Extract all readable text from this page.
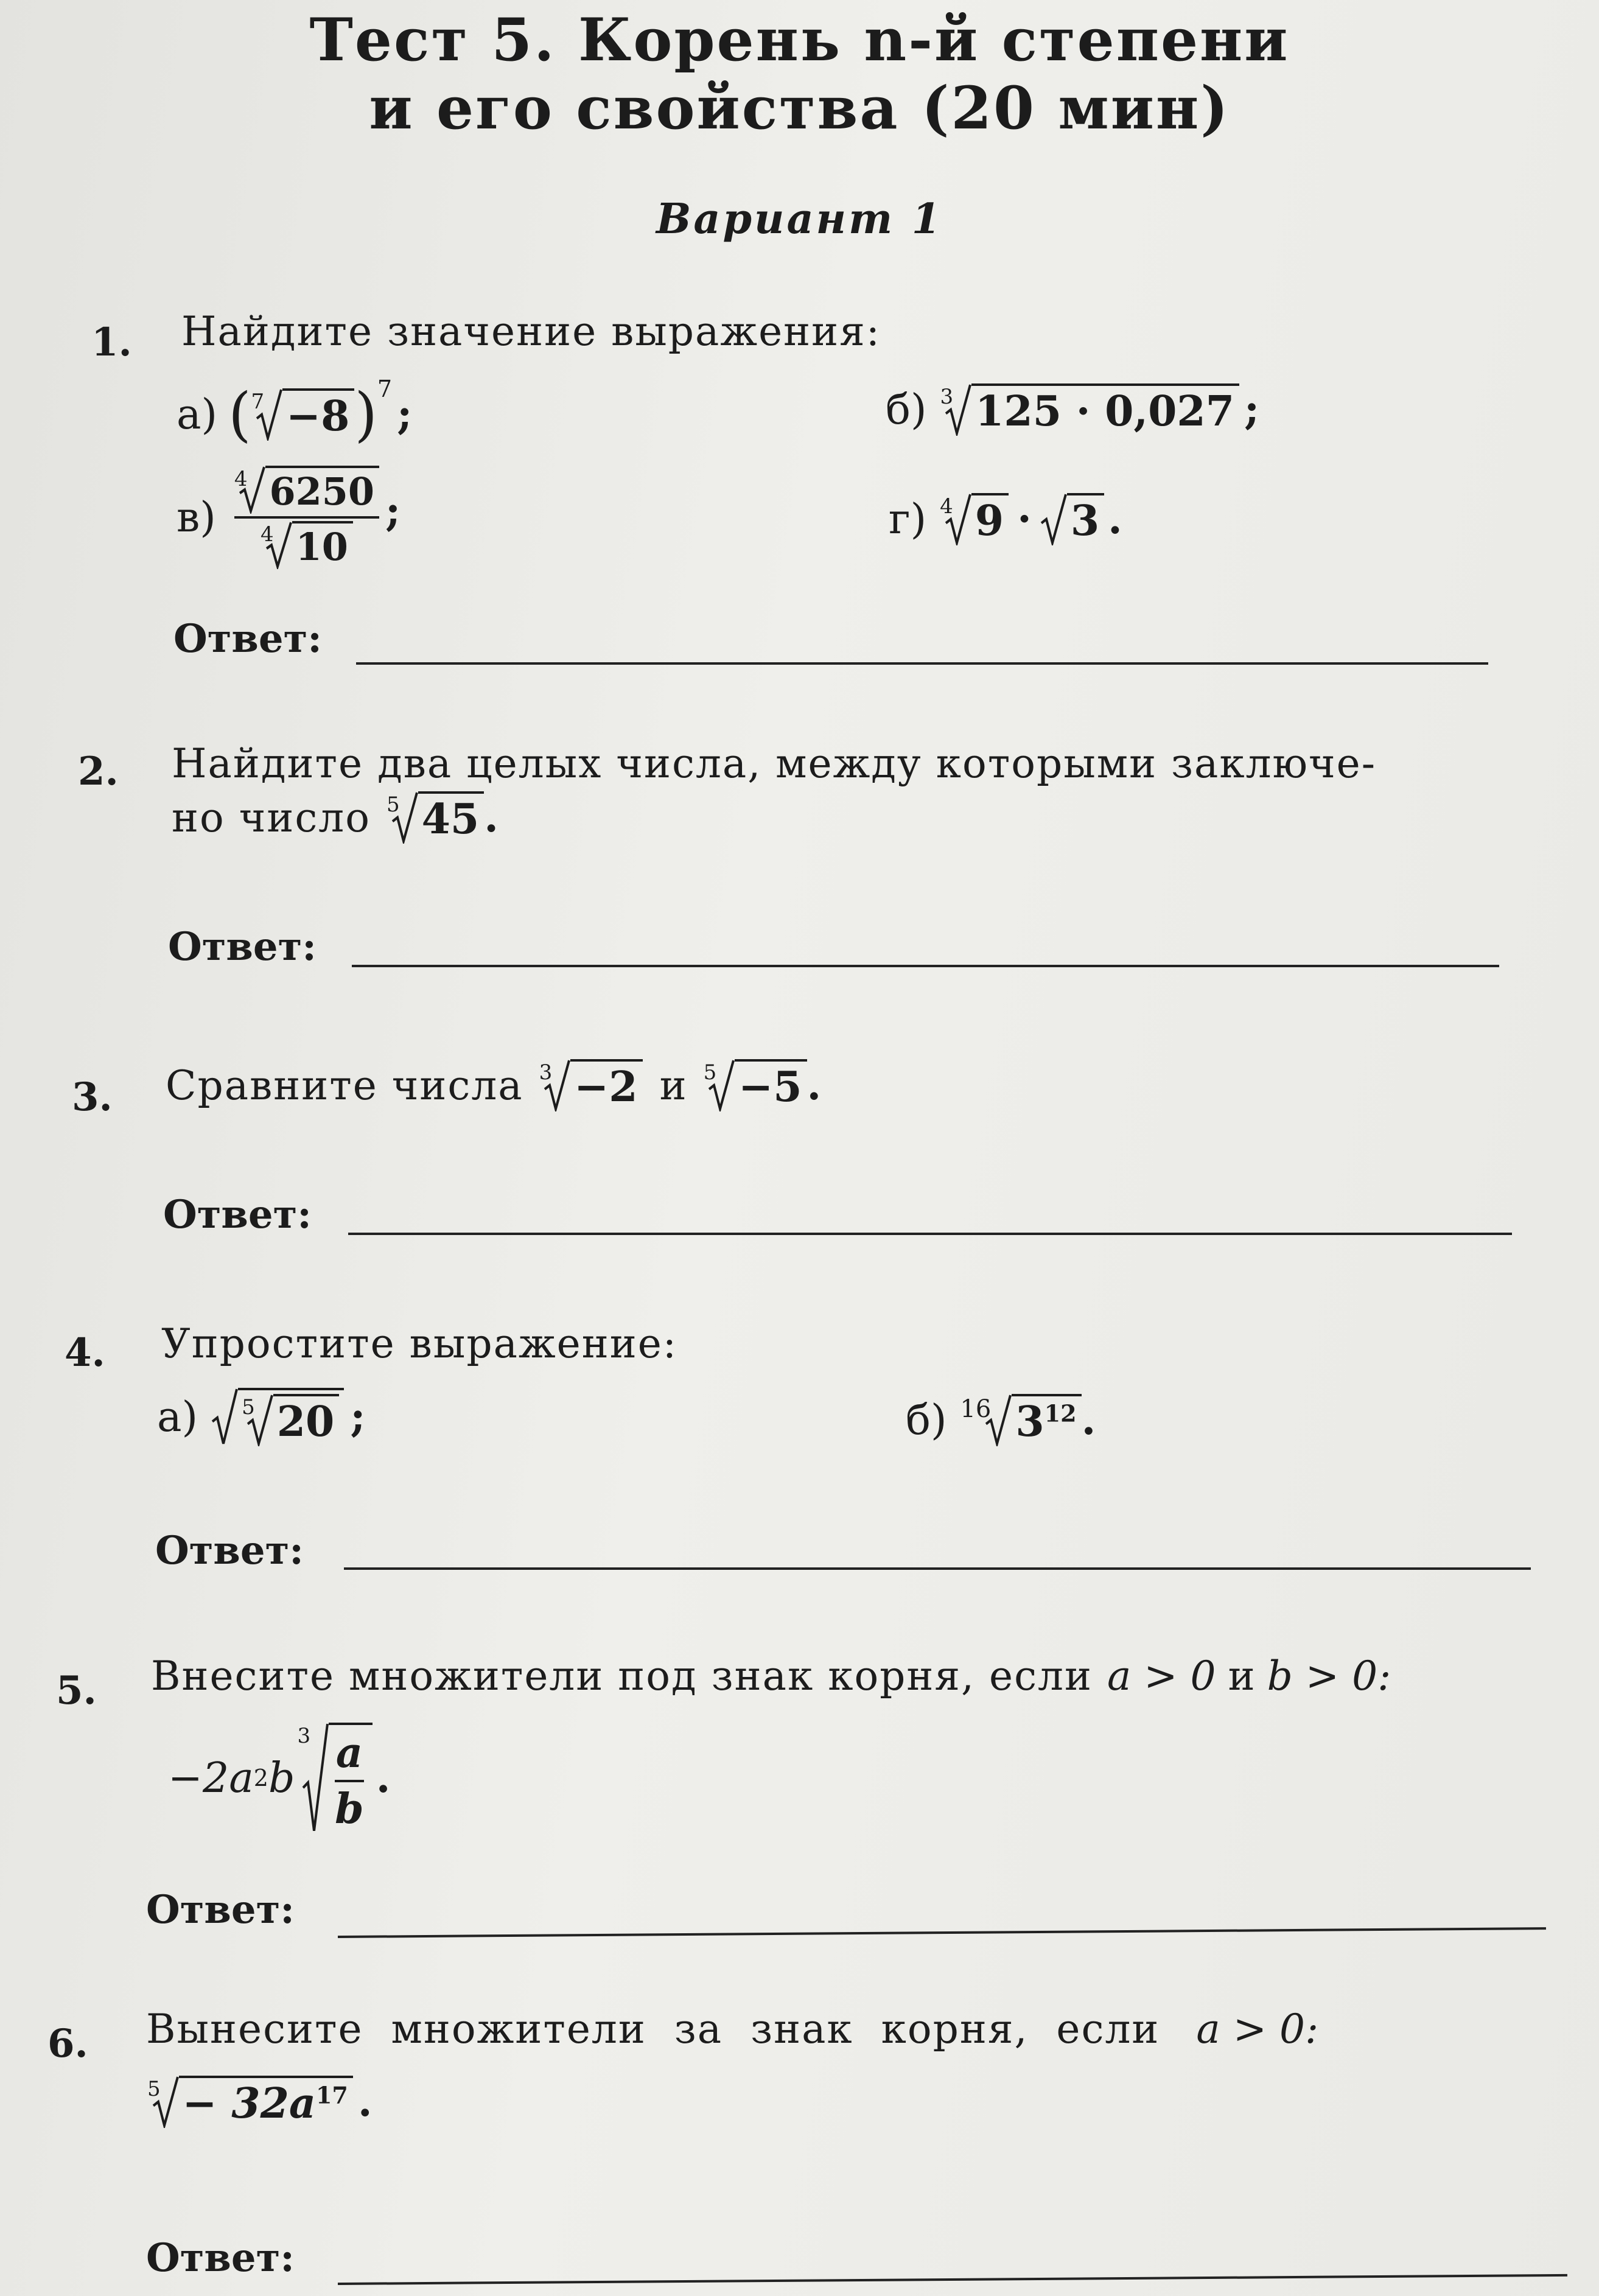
Тест 5. Корень n-й степени
и его свойства (20 мин)
Вариант 1
1. Найдите значение выражения:
а) ( 7 −8 ) 7
;	б) 3 125 · 0,027 ;
$в) \frac{4 6250}{4 10}$ ;	г) 4 9 · 3 .
Ответ:
2. Найдите два целых числа, между которыми заключе-
но число 5 45 .
Ответ:
3. Сравните числа 3 −2 и 5 −5 .
Ответ:
4. Упростите выражение:
а) 5 20 ;	б) 16 $3^{12}$ .
Ответ:
5. Внесите множители под знак корня, если a > 0 и b > 0:
−2a 2 b
$3 \frac{a}{b}$ .
Ответ:
6. Вынесите  множители  за  знак  корня,  если a > 0:
$5 - 32a^{17}$ .
Ответ:
